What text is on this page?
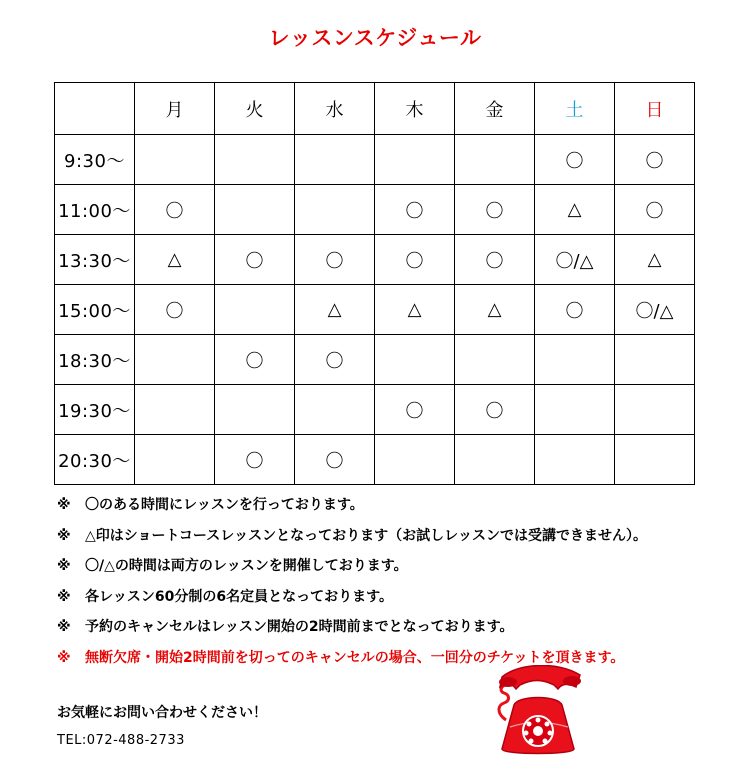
レッスンスケジュール
	月	火	水	木	金	土	日
9:30～						〇	〇
11:00～	〇			〇	〇	△	〇
13:30～	△	〇	〇	〇	〇	〇/△	△
15:00～	〇		△	△	△	〇	〇/△
18:30～		〇	〇				
19:30～				〇	〇		
20:30～		〇	〇				
※ 〇のある時間にレッスンを行っております。
※ △印はショートコースレッスンとなっております（お試しレッスンでは受講できません）。
※ 〇/△の時間は両方のレッスンを開催しております。
※ 各レッスン60分制の6名定員となっております。
※ 予約のキャンセルはレッスン開始の2時間前までとなっております。
※ 無断欠席・開始2時間前を切ってのキャンセルの場合、一回分のチケットを頂きます。
お気軽にお問い合わせください！
TEL:072-488-2733
